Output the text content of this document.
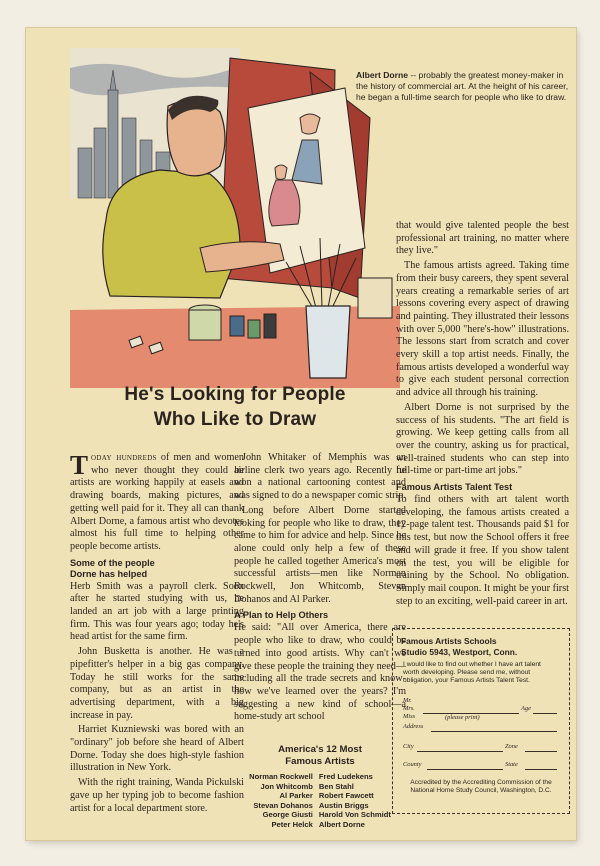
Albert Dorne -- probably the greatest money-maker in the history of commercial art. At the height of his career, he began a full-time search for people who like to draw.
He's Looking for People
Who Like to Draw

Today hundreds of men and women who never thought they could be artists are working happily at easels and drawing boards, making pictures, and getting well paid for it. They all can thank Albert Dorne, a famous artist who devotes almost his full time to helping other people become artists.

Some of the people
Dorne has helped

Herb Smith was a payroll clerk. Soon after he started studying with us, he landed an art job with a large printing firm. This was four years ago; today he's head artist for the same firm.

John Busketta is another. He was a pipefitter's helper in a big gas company. Today he still works for the same company, but as an artist in the advertising department, with a big increase in pay.

Harriet Kuzniewski was bored with an "ordinary" job before she heard of Albert Dorne. Today she does high-style fashion illustration in New York.

With the right training, Wanda Pickulski gave up her typing job to become fashion artist for a local department store.

John Whitaker of Memphis was an airline clerk two years ago. Recently he won a national cartooning contest and was signed to do a newspaper comic strip.

Long before Albert Dorne started looking for people who like to draw, they came to him for advice and help. Since he alone could only help a few of these people he called together America's most successful artists—men like Norman Rockwell, Jon Whitcomb, Stevan Dohanos and Al Parker.

A Plan to Help Others

He said: "All over America, there are people who like to draw, who could be turned into good artists. Why can't we give these people the training they need—including all the trade secrets and know-how we've learned over the years? I'm suggesting a new kind of school—a home-study art school

America's 12 Most
Famous Artists
Norman Rockwell	Fred Ludekens
Jon Whitcomb	Ben Stahl
Al Parker	Robert Fawcett
Stevan Dohanos	Austin Briggs
George Giusti	Harold Von Schmidt
Peter Helck	Albert Dorne

that would give talented people the best professional art training, no matter where they live."

The famous artists agreed. Taking time from their busy careers, they spent several years creating a remarkable series of art lessons covering every aspect of drawing and painting. They illustrated their lessons with over 5,000 "here's-how" illustrations. The lessons start from scratch and cover every skill a top artist needs. Finally, the famous artists developed a wonderful way to give each student personal correction and advice all through his training.

Albert Dorne is not surprised by the success of his students. "The art field is growing. We keep getting calls from all over the country, asking us for practical, well-trained students who can step into full-time or part-time art jobs."

Famous Artists Talent Test

To find others with art talent worth developing, the famous artists created a 12-page talent test. Thousands paid $1 for this test, but now the School offers it free and will grade it free. If you show talent on the test, you will be eligible for training by the School. No obligation. Simply mail coupon. It might be your first step to an exciting, well-paid career in art.

Famous Artists Schools
Studio 5943, Westport, Conn.
I would like to find out whether I have art talent worth developing. Please send me, without obligation, your Famous Artists Talent Test.
Mr.
Mrs.
Miss	(please print)
Age
Address
City	Zone
County	State
Accredited by the Accrediting Commission of the National Home Study Council, Washington, D.C.
